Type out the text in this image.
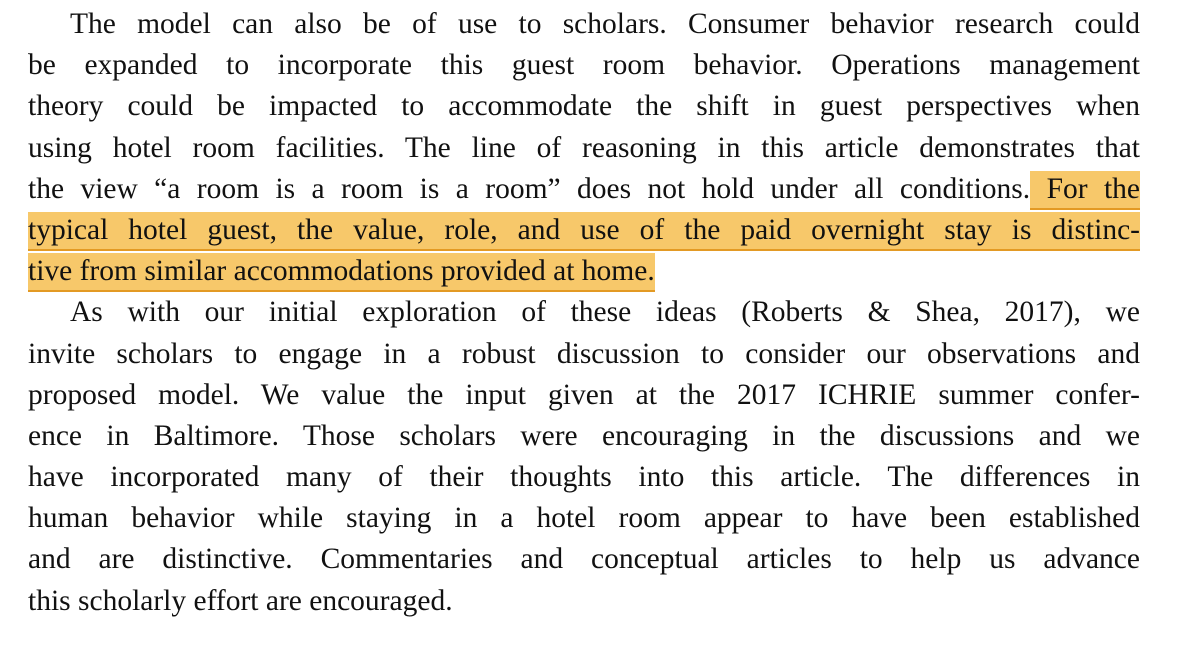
The model can also be of use to scholars. Consumer behavior research could
be expanded to incorporate this guest room behavior. Operations management
theory could be impacted to accommodate the shift in guest perspectives when
using hotel room facilities. The line of reasoning in this article demonstrates that
the view “a room is a room is a room” does not hold under all conditions. For the
typical hotel guest, the value, role, and use of the paid overnight stay is distinc-
tive from similar accommodations provided at home.
As with our initial exploration of these ideas (Roberts & Shea, 2017), we
invite scholars to engage in a robust discussion to consider our observations and
proposed model. We value the input given at the 2017 ICHRIE summer confer-
ence in Baltimore. Those scholars were encouraging in the discussions and we
have incorporated many of their thoughts into this article. The differences in
human behavior while staying in a hotel room appear to have been established
and are distinctive. Commentaries and conceptual articles to help us advance
this scholarly effort are encouraged.
